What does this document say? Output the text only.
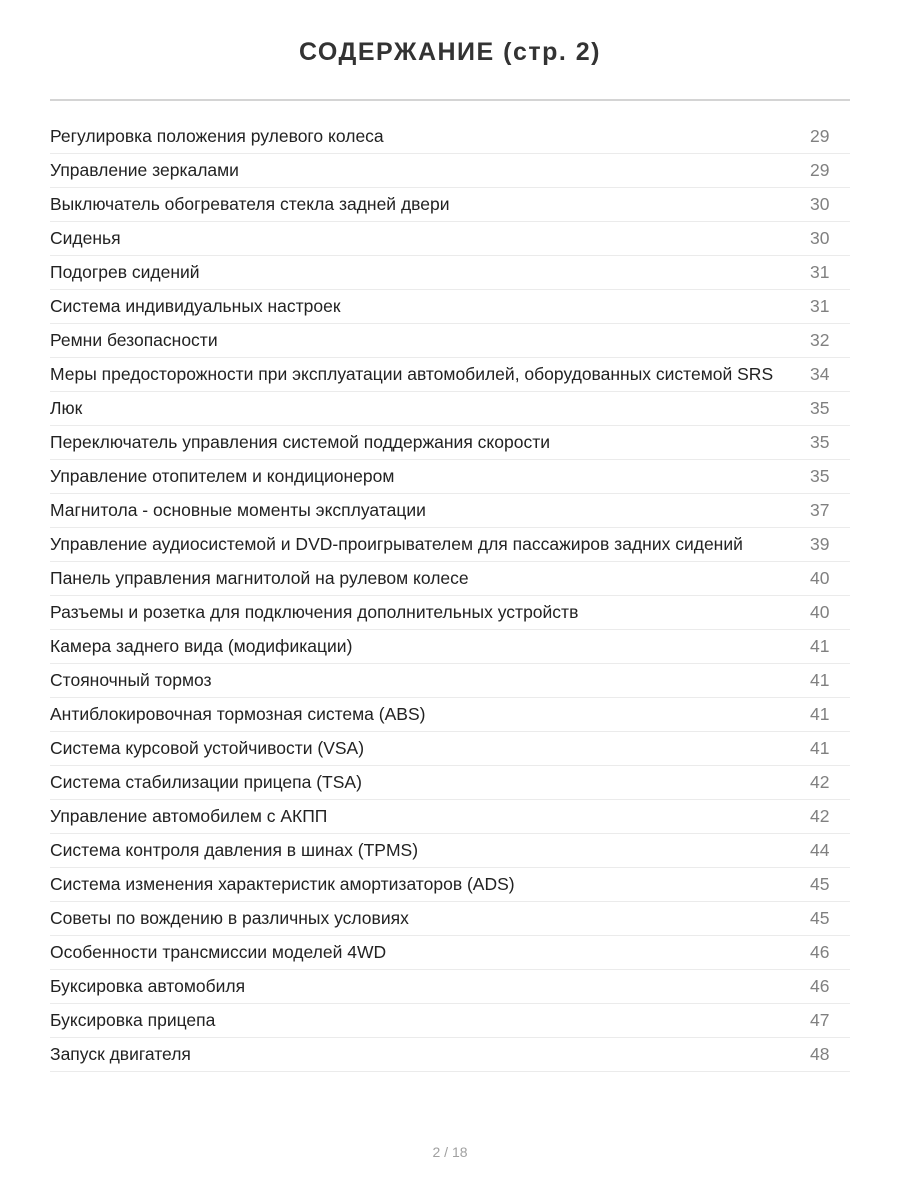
СОДЕРЖАНИЕ (стр. 2)
Регулировка положения рулевого колеса	29
Управление зеркалами	29
Выключатель обогревателя стекла задней двери	30
Сиденья	30
Подогрев сидений	31
Система индивидуальных настроек	31
Ремни безопасности	32
Меры предосторожности при эксплуатации автомобилей, оборудованных системой SRS	34
Люк	35
Переключатель управления системой поддержания скорости	35
Управление отопителем и кондиционером	35
Магнитола - основные моменты эксплуатации	37
Управление аудиосистемой и DVD-проигрывателем для пассажиров задних сидений	39
Панель управления магнитолой на рулевом колесе	40
Разъемы и розетка для подключения дополнительных устройств	40
Камера заднего вида (модификации)	41
Стояночный тормоз	41
Антиблокировочная тормозная система (ABS)	41
Система курсовой устойчивости (VSA)	41
Система стабилизации прицепа (TSA)	42
Управление автомобилем с АКПП	42
Система контроля давления в шинах (TPMS)	44
Система изменения характеристик амортизаторов (ADS)	45
Советы по вождению в различных условиях	45
Особенности трансмиссии моделей 4WD	46
Буксировка автомобиля	46
Буксировка прицепа	47
Запуск двигателя	48
2 / 18
